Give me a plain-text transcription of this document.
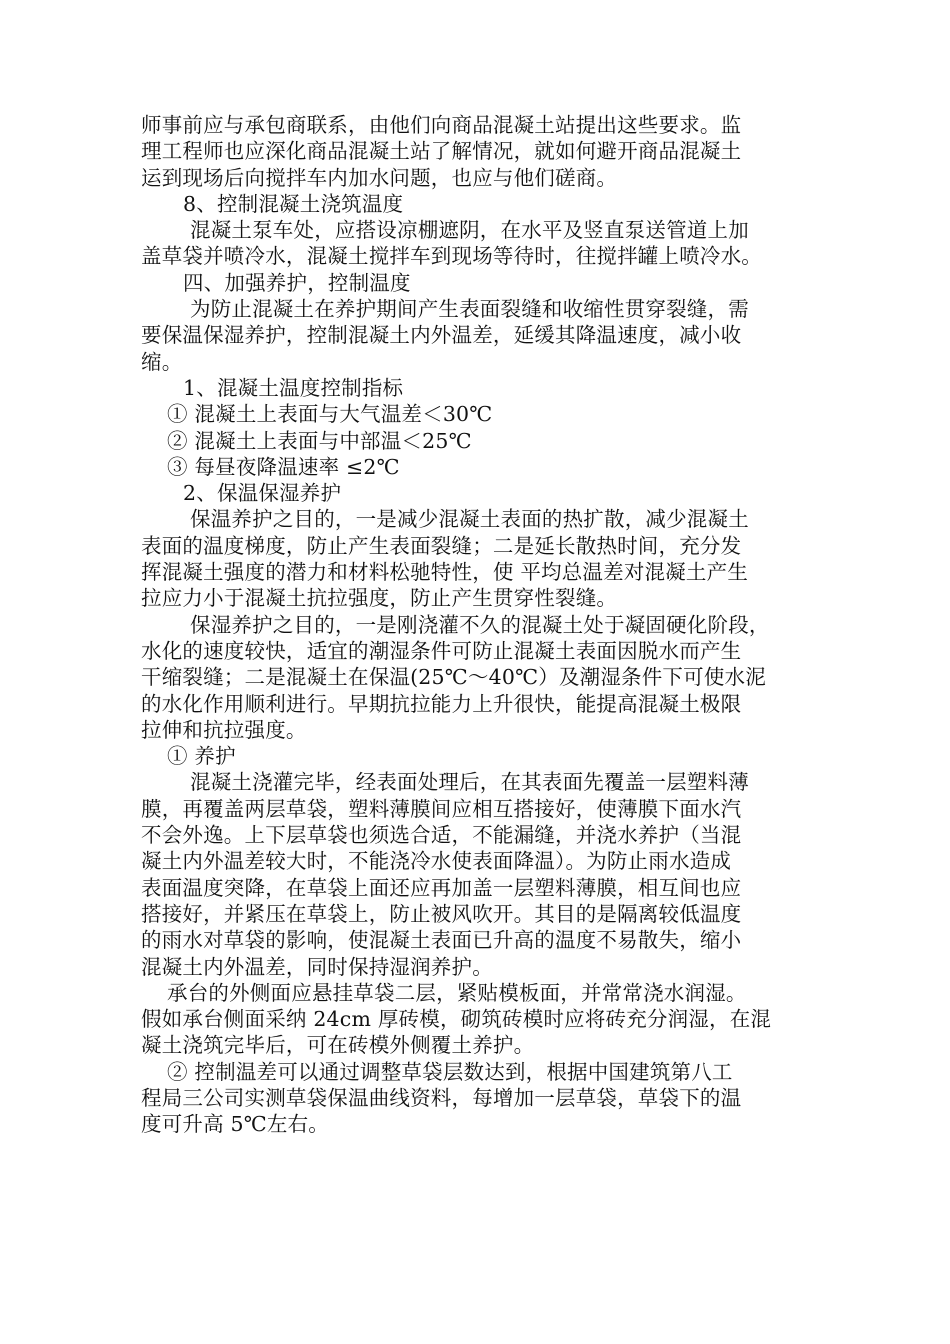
师事前应与承包商联系，由他们向商品混凝土站提出这些要求。监
理工程师也应深化商品混凝土站了解情况，就如何避开商品混凝土
运到现场后向搅拌车内加水问题，也应与他们磋商。
8、控制混凝土浇筑温度
混凝土泵车处，应搭设凉棚遮阴，在水平及竖直泵送管道上加
盖草袋并喷冷水，混凝土搅拌车到现场等待时，往搅拌罐上喷冷水。
四、加强养护，控制温度
为防止混凝土在养护期间产生表面裂缝和收缩性贯穿裂缝，需
要保温保湿养护，控制混凝土内外温差，延缓其降温速度，减小收
缩。
1、混凝土温度控制指标
① 混凝土上表面与大气温差＜30℃
② 混凝土上表面与中部温＜25℃
③ 每昼夜降温速率 ≤2℃
2、保温保湿养护
保温养护之目的，一是减少混凝土表面的热扩散，减少混凝土
表面的温度梯度，防止产生表面裂缝；二是延长散热时间，充分发
挥混凝土强度的潜力和材料松驰特性，使 平均总温差对混凝土产生
拉应力小于混凝土抗拉强度，防止产生贯穿性裂缝。
保湿养护之目的，一是刚浇灌不久的混凝土处于凝固硬化阶段，
水化的速度较快，适宜的潮湿条件可防止混凝土表面因脱水而产生
干缩裂缝；二是混凝土在保温(25℃～40℃）及潮湿条件下可使水泥
的水化作用顺利进行。早期抗拉能力上升很快，能提高混凝土极限
拉伸和抗拉强度。
① 养护
混凝土浇灌完毕，经表面处理后，在其表面先覆盖一层塑料薄
膜，再覆盖两层草袋，塑料薄膜间应相互搭接好，使薄膜下面水汽
不会外逸。上下层草袋也须选合适，不能漏缝，并浇水养护（当混
凝土内外温差较大时，不能浇冷水使表面降温）。为防止雨水造成
表面温度突降，在草袋上面还应再加盖一层塑料薄膜，相互间也应
搭接好，并紧压在草袋上，防止被风吹开。其目的是隔离较低温度
的雨水对草袋的影响，使混凝土表面已升高的温度不易散失，缩小
混凝土内外温差，同时保持湿润养护。
承台的外侧面应悬挂草袋二层，紧贴模板面，并常常浇水润湿。
假如承台侧面采纳 24cm 厚砖模，砌筑砖模时应将砖充分润湿，在混
凝土浇筑完毕后，可在砖模外侧覆土养护。
② 控制温差可以通过调整草袋层数达到，根据中国建筑第八工
程局三公司实测草袋保温曲线资料，每增加一层草袋，草袋下的温
度可升高 5℃左右。
